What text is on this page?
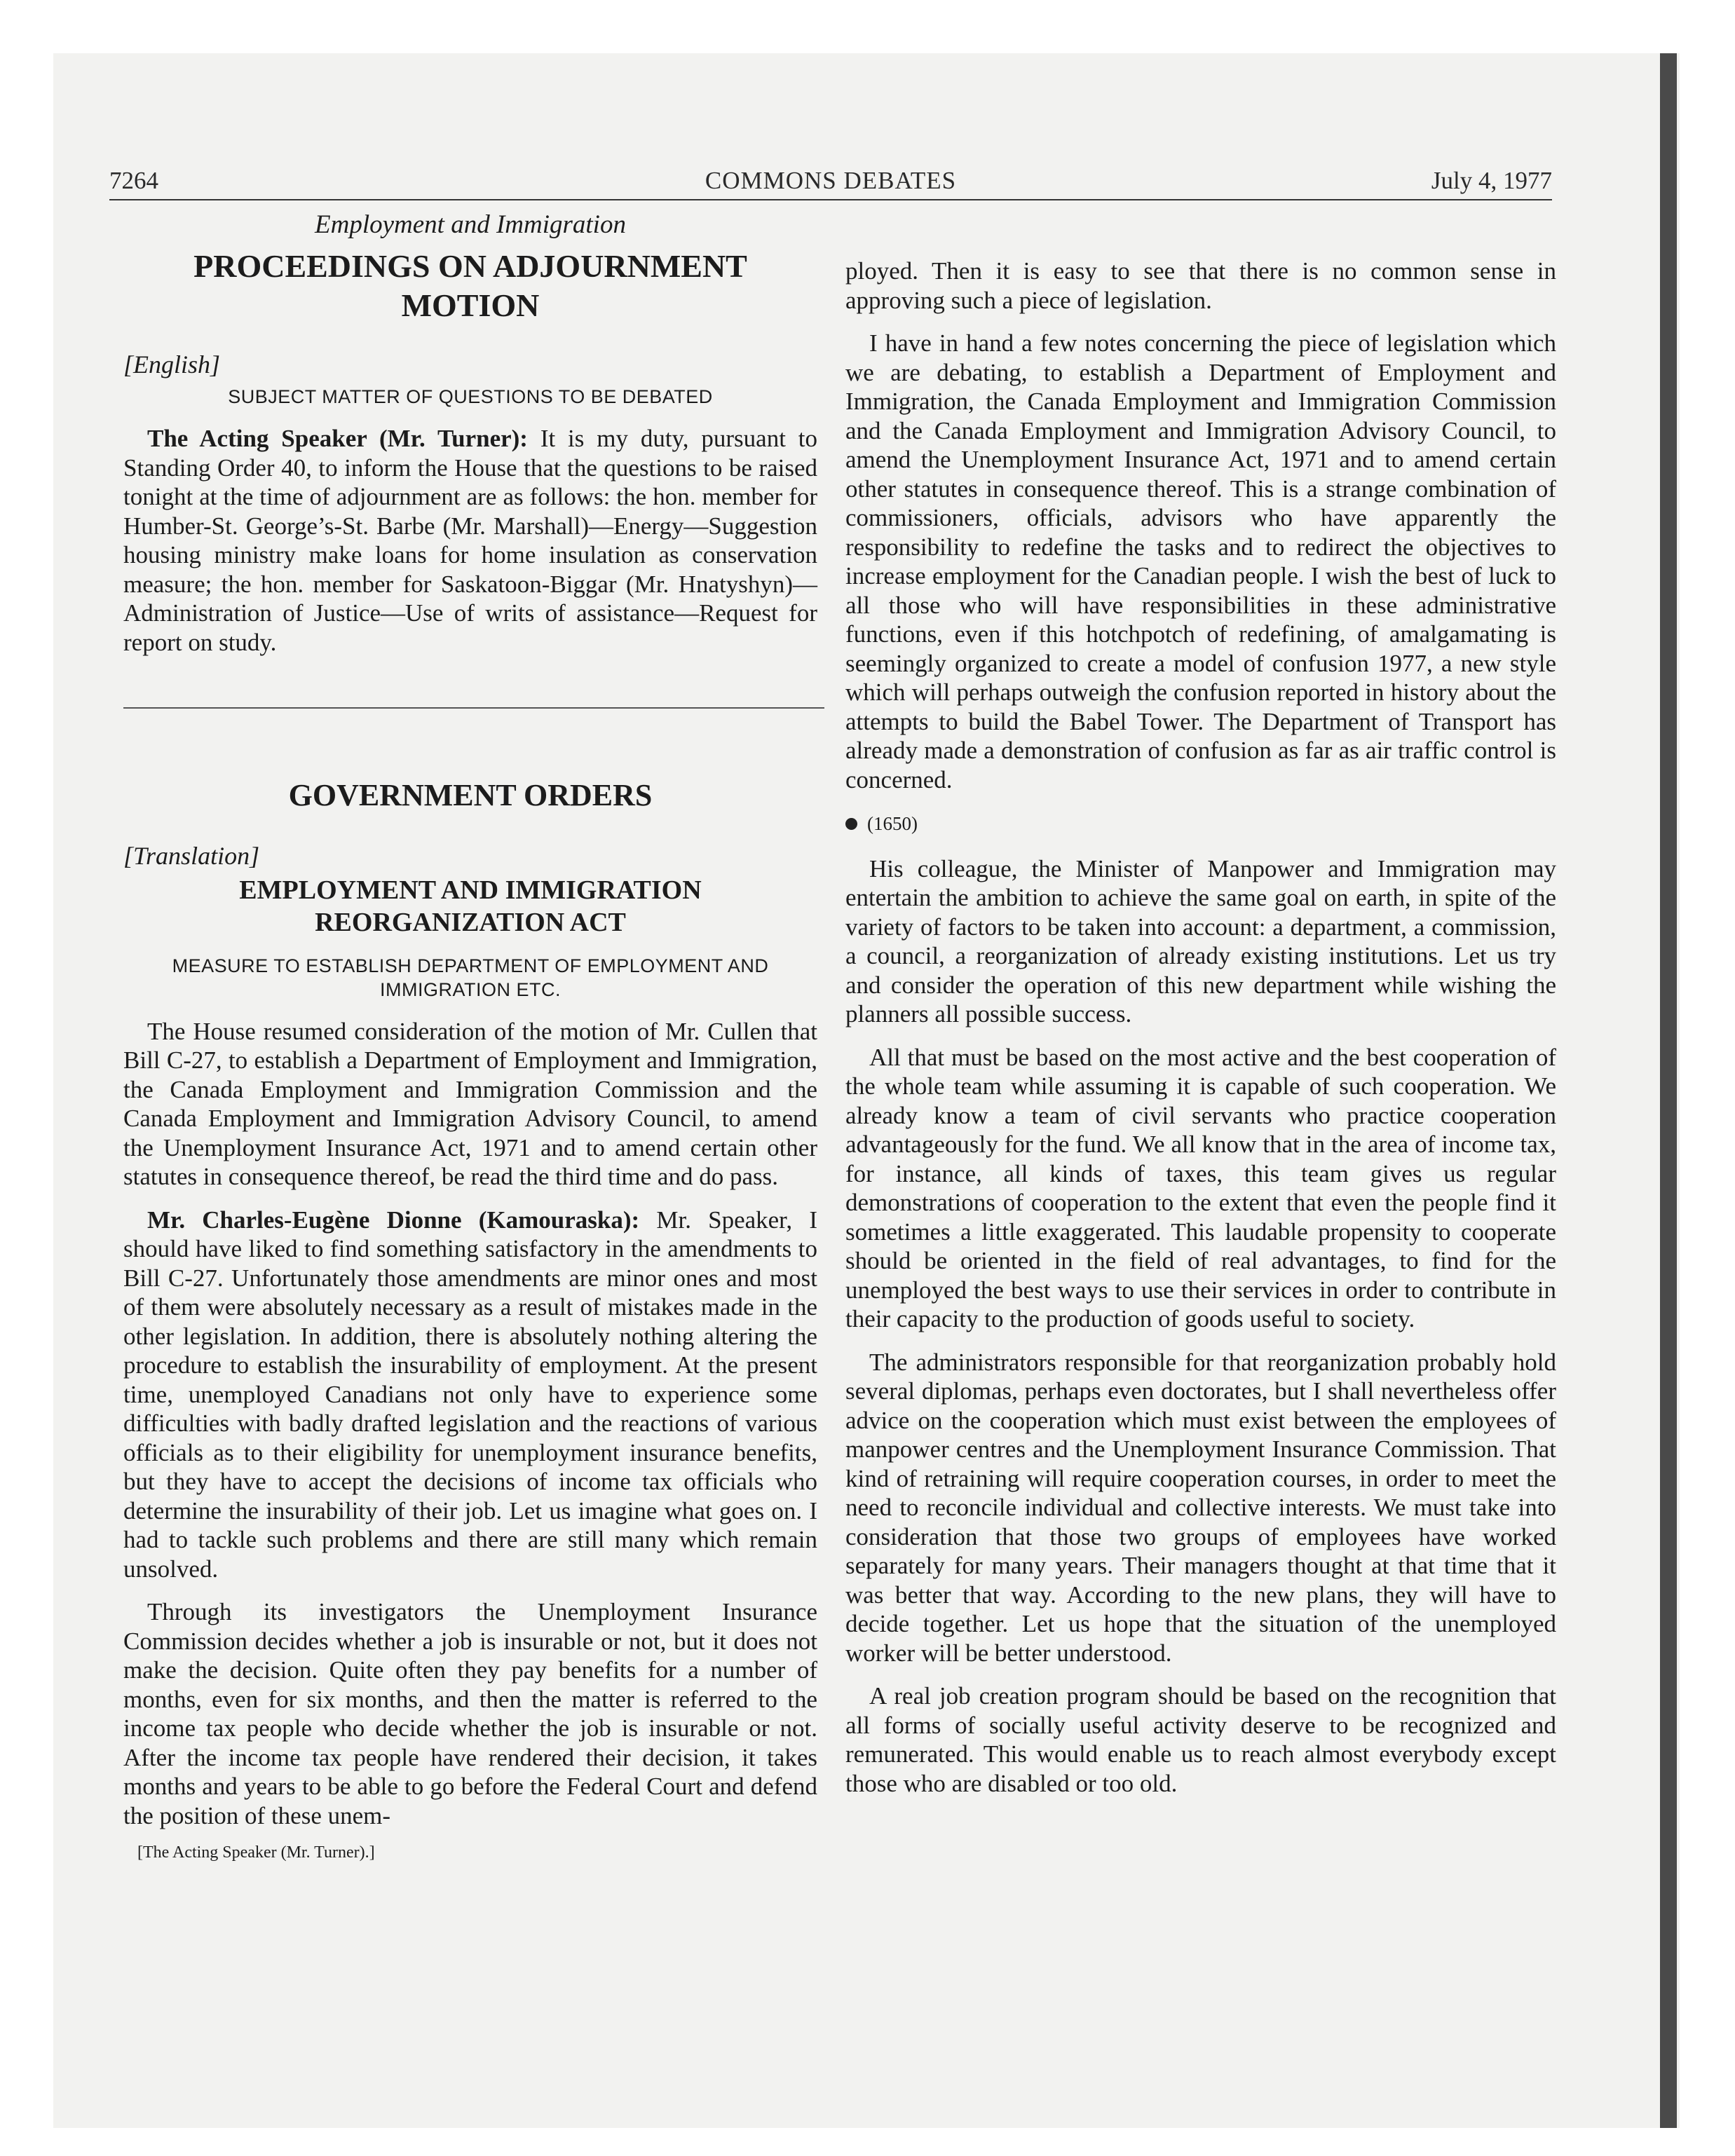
7264	COMMONS DEBATES	July 4, 1977

Employment and Immigration

PROCEEDINGS ON ADJOURNMENT MOTION

[English]

SUBJECT MATTER OF QUESTIONS TO BE DEBATED

The Acting Speaker (Mr. Turner): It is my duty, pursuant to Standing Order 40, to inform the House that the questions to be raised tonight at the time of adjournment are as follows: the hon. member for Humber-St. George’s-St. Barbe (Mr. Marshall)—Energy—Suggestion housing ministry make loans for home insulation as conservation measure; the hon. member for Saskatoon-Biggar (Mr. Hnatyshyn)—Administration of Justice—Use of writs of assistance—Request for report on study.

GOVERNMENT ORDERS

[Translation]

EMPLOYMENT AND IMMIGRATION REORGANIZATION ACT

MEASURE TO ESTABLISH DEPARTMENT OF EMPLOYMENT AND IMMIGRATION ETC.

The House resumed consideration of the motion of Mr. Cullen that Bill C-27, to establish a Department of Employment and Immigration, the Canada Employment and Immigration Commission and the Canada Employment and Immigration Advisory Council, to amend the Unemployment Insurance Act, 1971 and to amend certain other statutes in consequence thereof, be read the third time and do pass.

Mr. Charles-Eugène Dionne (Kamouraska): Mr. Speaker, I should have liked to find something satisfactory in the amendments to Bill C-27. Unfortunately those amendments are minor ones and most of them were absolutely necessary as a result of mistakes made in the other legislation. In addition, there is absolutely nothing altering the procedure to establish the insurability of employment. At the present time, unemployed Canadians not only have to experience some difficulties with badly drafted legislation and the reactions of various officials as to their eligibility for unemployment insurance benefits, but they have to accept the decisions of income tax officials who determine the insurability of their job. Let us imagine what goes on. I had to tackle such problems and there are still many which remain unsolved.

Through its investigators the Unemployment Insurance Commission decides whether a job is insurable or not, but it does not make the decision. Quite often they pay benefits for a number of months, even for six months, and then the matter is referred to the income tax people who decide whether the job is insurable or not. After the income tax people have rendered their decision, it takes months and years to be able to go before the Federal Court and defend the position of these unem-

[The Acting Speaker (Mr. Turner).]

ployed. Then it is easy to see that there is no common sense in approving such a piece of legislation.

I have in hand a few notes concerning the piece of legislation which we are debating, to establish a Department of Employment and Immigration, the Canada Employment and Immigration Commission and the Canada Employment and Immigration Advisory Council, to amend the Unemployment Insurance Act, 1971 and to amend certain other statutes in consequence thereof. This is a strange combination of commissioners, officials, advisors who have apparently the responsibility to redefine the tasks and to redirect the objectives to increase employment for the Canadian people. I wish the best of luck to all those who will have responsibilities in these administrative functions, even if this hotchpotch of redefining, of amalgamating is seemingly organized to create a model of confusion 1977, a new style which will perhaps outweigh the confusion reported in history about the attempts to build the Babel Tower. The Department of Transport has already made a demonstration of confusion as far as air traffic control is concerned.

(1650)

His colleague, the Minister of Manpower and Immigration may entertain the ambition to achieve the same goal on earth, in spite of the variety of factors to be taken into account: a department, a commission, a council, a reorganization of already existing institutions. Let us try and consider the operation of this new department while wishing the planners all possible success.

All that must be based on the most active and the best cooperation of the whole team while assuming it is capable of such cooperation. We already know a team of civil servants who practice cooperation advantageously for the fund. We all know that in the area of income tax, for instance, all kinds of taxes, this team gives us regular demonstrations of cooperation to the extent that even the people find it sometimes a little exaggerated. This laudable propensity to cooperate should be oriented in the field of real advantages, to find for the unemployed the best ways to use their services in order to contribute in their capacity to the production of goods useful to society.

The administrators responsible for that reorganization probably hold several diplomas, perhaps even doctorates, but I shall nevertheless offer advice on the cooperation which must exist between the employees of manpower centres and the Unemployment Insurance Commission. That kind of retraining will require cooperation courses, in order to meet the need to reconcile individual and collective interests. We must take into consideration that those two groups of employees have worked separately for many years. Their managers thought at that time that it was better that way. According to the new plans, they will have to decide together. Let us hope that the situation of the unemployed worker will be better understood.

A real job creation program should be based on the recognition that all forms of socially useful activity deserve to be recognized and remunerated. This would enable us to reach almost everybody except those who are disabled or too old.
